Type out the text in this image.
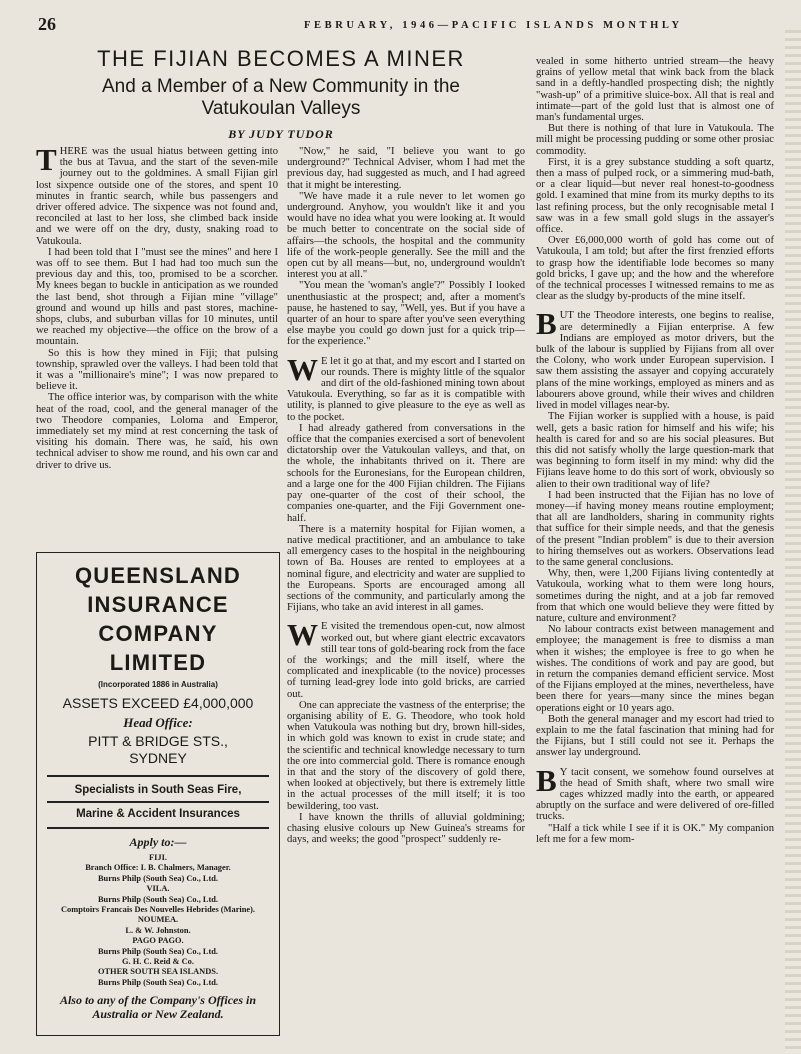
26	FEBRUARY, 1946—PACIFIC ISLANDS MONTHLY
THE FIJIAN BECOMES A MINER
And a Member of a New Community in the
Vatukoulan Valleys
BY JUDY TUDOR

THERE was the usual hiatus between getting into the bus at Tavua, and the start of the seven-mile journey out to the goldmines. A small Fijian girl lost sixpence outside one of the stores, and spent 10 minutes in frantic search, while bus passengers and driver offered advice. The sixpence was not found and, reconciled at last to her loss, she climbed back inside and we were off on the dry, dusty, snaking road to Vatukoula.

I had been told that I "must see the mines" and here I was off to see them. But I had had too much sun the previous day and this, too, promised to be a scorcher. My knees began to buckle in anticipation as we rounded the last bend, shot through a Fijian mine "village" ground and wound up hills and past stores, machine-shops, clubs, and suburban villas for 10 minutes, until we reached my objective—the office on the brow of a mountain.

So this is how they mined in Fiji; that pulsing township, sprawled over the valleys. I had been told that it was a "millionaire's mine"; I was now prepared to believe it.

The office interior was, by comparison with the white heat of the road, cool, and the general manager of the two Theodore companies, Loloma and Emperor, immediately set my mind at rest concerning the task of visiting his domain. There was, he said, his own technical adviser to show me round, and his own car and driver to drive us.

QUEENSLAND
INSURANCE
COMPANY
LIMITED
(Incorporated 1886 in Australia)
ASSETS EXCEED £4,000,000
Head Office:
PITT & BRIDGE STS.,
SYDNEY
Specialists in South Seas Fire,
Marine & Accident Insurances
Apply to:—
FIJI.
Branch Office: I. B. Chalmers, Manager.
Burns Philp (South Sea) Co., Ltd.
VILA.
Burns Philp (South Sea) Co., Ltd.
Comptoirs Francais Des Nouvelles Hebrides (Marine).
NOUMEA.
L. & W. Johnston.
PAGO PAGO.
Burns Philp (South Sea) Co., Ltd.
G. H. C. Reid & Co.
OTHER SOUTH SEA ISLANDS.
Burns Philp (South Sea) Co., Ltd.
Also to any of the Company's Offices in Australia or New Zealand.

"Now," he said, "I believe you want to go underground?" Technical Adviser, whom I had met the previous day, had suggested as much, and I had agreed that it might be interesting.

"We have made it a rule never to let women go underground. Anyhow, you wouldn't like it and you would have no idea what you were looking at. It would be much better to concentrate on the social side of affairs—the schools, the hospital and the community life of the work-people generally. See the mill and the open cut by all means—but, no, underground wouldn't interest you at all."

"You mean the 'woman's angle'?" Possibly I looked unenthusiastic at the prospect; and, after a moment's pause, he hastened to say, "Well, yes. But if you have a quarter of an hour to spare after you've seen everything else maybe you could go down just for a quick trip—for the experience."

W E let it go at that, and my escort and I started on our rounds. There is mighty little of the squalor and dirt of the old-fashioned mining town about Vatukoula. Everything, so far as it is compatible with utility, is planned to give pleasure to the eye as well as to the pocket.

I had already gathered from conversations in the office that the companies exercised a sort of benevolent dictatorship over the Vatukoulan valleys, and that, on the whole, the inhabitants thrived on it. There are schools for the Euronesians, for the European children, and a large one for the 400 Fijian children. The Fijians pay one-quarter of the cost of their school, the companies one-quarter, and the Fiji Government one-half.

There is a maternity hospital for Fijian women, a native medical practitioner, and an ambulance to take all emergency cases to the hospital in the neighbouring town of Ba. Houses are rented to employees at a nominal figure, and electricity and water are supplied to the Europeans. Sports are encouraged among all sections of the community, and particularly among the Fijians, who take an avid interest in all games.

W E visited the tremendous open-cut, now almost worked out, but where giant electric excavators still tear tons of gold-bearing rock from the face of the workings; and the mill itself, where the complicated and inexplicable (to the novice) processes of turning lead-grey lode into gold bricks, are carried out.

One can appreciate the vastness of the enterprise; the organising ability of E. G. Theodore, who took hold when Vatukoula was nothing but dry, brown hill-sides, in which gold was known to exist in crude state; and the scientific and technical knowledge necessary to turn the ore into commercial gold. There is romance enough in that and the story of the discovery of gold there, when looked at objectively, but there is extremely little in the actual processes of the mill itself; it is too bewildering, too vast.

I have known the thrills of alluvial goldmining; chasing elusive colours up New Guinea's streams for days, and weeks; the good "prospect" suddenly re-

vealed in some hitherto untried stream—the heavy grains of yellow metal that wink back from the black sand in a deftly-handled prospecting dish; the nightly "wash-up" of a primitive sluice-box. All that is real and intimate—part of the gold lust that is almost one of man's fundamental urges.

But there is nothing of that lure in Vatukoula. The mill might be processing pudding or some other prosiac commodity.

First, it is a grey substance studding a soft quartz, then a mass of pulped rock, or a simmering mud-bath, or a clear liquid—but never real honest-to-goodness gold. I examined that mine from its murky depths to its last refining process, but the only recognisable metal I saw was in a few small gold slugs in the assayer's office.

Over £6,000,000 worth of gold has come out of Vatukoula, I am told; but after the first frenzied efforts to grasp how the identifiable lode becomes so many gold bricks, I gave up; and the how and the wherefore of the technical processes I witnessed remains to me as clear as the sludgy by-products of the mine itself.

BUT the Theodore interests, one begins to realise, are determinedly a Fijian enterprise. A few Indians are employed as motor drivers, but the bulk of the labour is supplied by Fijians from all over the Colony, who work under European supervision. I saw them assisting the assayer and copying accurately plans of the mine workings, employed as miners and as labourers above ground, while their wives and children lived in model villages near-by.

The Fijian worker is supplied with a house, is paid well, gets a basic ration for himself and his wife; his health is cared for and so are his social pleasures. But this did not satisfy wholly the large question-mark that was beginning to form itself in my mind: why did the Fijians leave home to do this sort of work, obviously so alien to their own traditional way of life?

I had been instructed that the Fijian has no love of money—if having money means routine employment; that all are landholders, sharing in community rights that suffice for their simple needs, and that the genesis of the present "Indian problem" is due to their aversion to hiring themselves out as workers. Observations lead to the same general conclusions.

Why, then, were 1,200 Fijians living contentedly at Vatukoula, working what to them were long hours, sometimes during the night, and at a job far removed from that which one would believe they were fitted by nature, culture and environment?

No labour contracts exist between management and employee; the management is free to dismiss a man when it wishes; the employee is free to go when he wishes. The conditions of work and pay are good, but in return the companies demand efficient service. Most of the Fijians employed at the mines, nevertheless, have been there for years—many since the mines began operations eight or 10 years ago.

Both the general manager and my escort had tried to explain to me the fatal fascination that mining had for the Fijians, but I still could not see it. Perhaps the answer lay underground.

B Y tacit consent, we somehow found ourselves at the head of Smith shaft, where two small wire cages whizzed madly into the earth, or appeared abruptly on the surface and were delivered of ore-filled trucks.

"Half a tick while I see if it is OK." My companion left me for a few mom-
